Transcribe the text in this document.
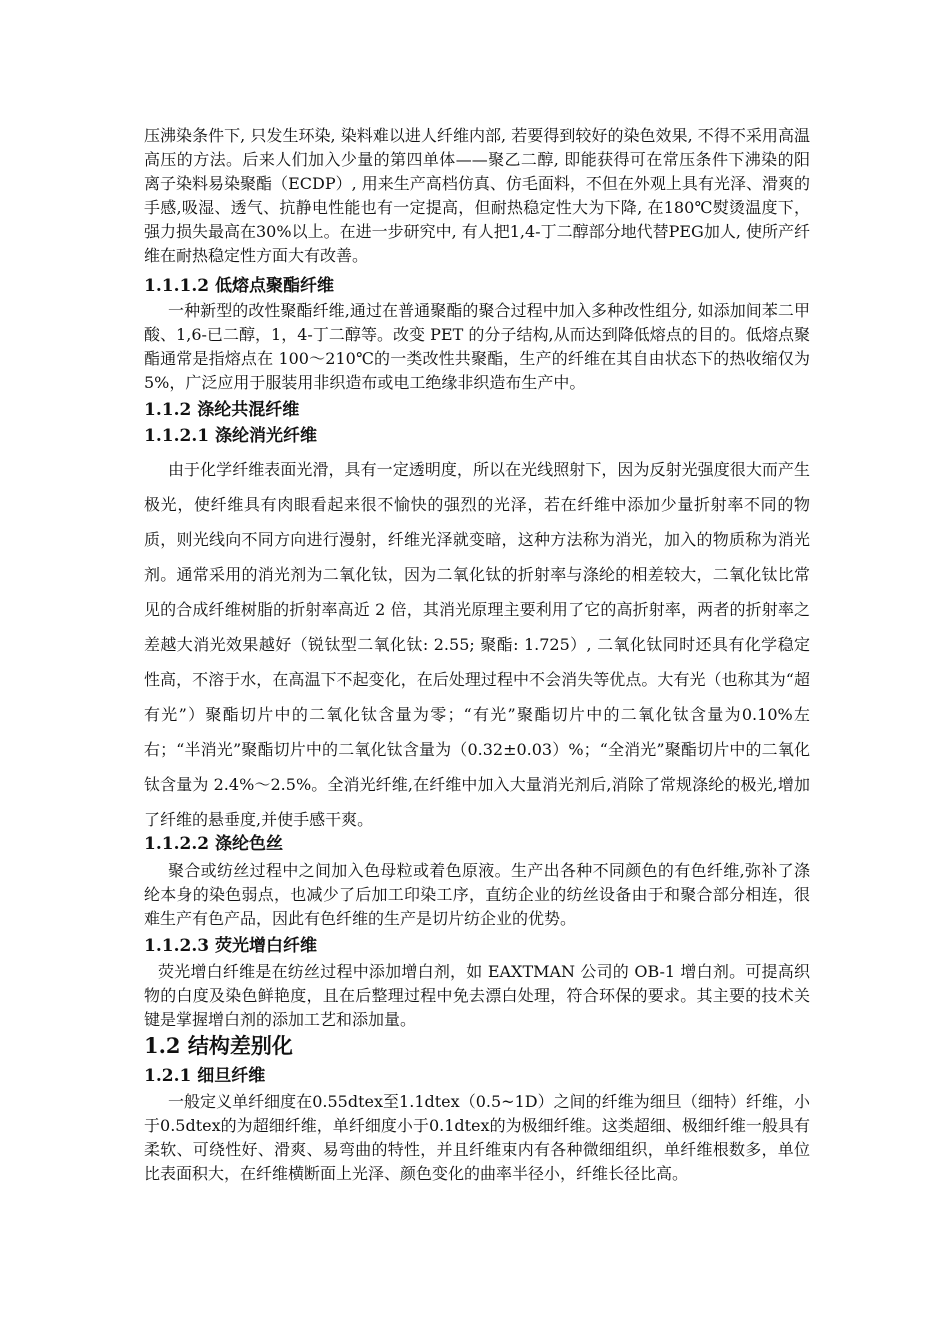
压沸染条件下, 只发生环染, 染料难以进人纤维内部, 若要得到较好的染色效果, 不得不采用高温高压的方法。后来人们加入少量的第四单体——聚乙二醇, 即能获得可在常压条件下沸染的阳离子染料易染聚酯（ECDP）, 用来生产高档仿真、仿毛面料，不但在外观上具有光泽、滑爽的手感,吸湿、透气、抗静电性能也有一定提高，但耐热稳定性大为下降, 在180℃熨烫温度下，强力损失最高在30%以上。在进一步研究中, 有人把1,4-丁二醇部分地代替PEG加人, 使所产纤维在耐热稳定性方面大有改善。

1.1.1.2 低熔点聚酯纤维

一种新型的改性聚酯纤维,通过在普通聚酯的聚合过程中加入多种改性组分, 如添加间苯二甲酸、1,6-已二醇，1，4-丁二醇等。改变 PET 的分子结构,从而达到降低熔点的目的。低熔点聚酯通常是指熔点在 100～210℃的一类改性共聚酯，生产的纤维在其自由状态下的热收缩仅为 5%，广泛应用于服装用非织造布或电工绝缘非织造布生产中。

1.1.2 涤纶共混纤维
1.1.2.1 涤纶消光纤维

由于化学纤维表面光滑，具有一定透明度，所以在光线照射下，因为反射光强度很大而产生极光，使纤维具有肉眼看起来很不愉快的强烈的光泽，若在纤维中添加少量折射率不同的物质，则光线向不同方向进行漫射，纤维光泽就变暗，这种方法称为消光，加入的物质称为消光剂。通常采用的消光剂为二氧化钛，因为二氧化钛的折射率与涤纶的相差较大，二氧化钛比常见的合成纤维树脂的折射率高近 2 倍，其消光原理主要利用了它的高折射率，两者的折射率之差越大消光效果越好（锐钛型二氧化钛: 2.55; 聚酯: 1.725）, 二氧化钛同时还具有化学稳定性高，不溶于水，在高温下不起变化，在后处理过程中不会消失等优点。大有光（也称其为“超有光”）聚酯切片中的二氧化钛含量为零；“有光”聚酯切片中的二氧化钛含量为0.10%左右；“半消光”聚酯切片中的二氧化钛含量为（0.32±0.03）%；“全消光”聚酯切片中的二氧化钛含量为 2.4%～2.5%。全消光纤维,在纤维中加入大量消光剂后,消除了常规涤纶的极光,增加了纤维的悬垂度,并使手感干爽。

1.1.2.2 涤纶色丝

聚合或纺丝过程中之间加入色母粒或着色原液。生产出各种不同颜色的有色纤维,弥补了涤纶本身的染色弱点，也减少了后加工印染工序，直纺企业的纺丝设备由于和聚合部分相连，很难生产有色产品，因此有色纤维的生产是切片纺企业的优势。

1.1.2.3 荧光增白纤维

荧光增白纤维是在纺丝过程中添加增白剂，如 EAXTMAN 公司的 OB-1 增白剂。可提高织物的白度及染色鲜艳度，且在后整理过程中免去漂白处理，符合环保的要求。其主要的技术关键是掌握增白剂的添加工艺和添加量。

1.2 结构差别化
1.2.1 细旦纤维

一般定义单纤细度在0.55dtex至1.1dtex（0.5~1D）之间的纤维为细旦（细特）纤维，小于0.5dtex的为超细纤维，单纤细度小于0.1dtex的为极细纤维。这类超细、极细纤维一般具有柔软、可绕性好、滑爽、易弯曲的特性，并且纤维束内有各种微细组织，单纤维根数多，单位比表面积大，在纤维横断面上光泽、颜色变化的曲率半径小，纤维长径比高。
